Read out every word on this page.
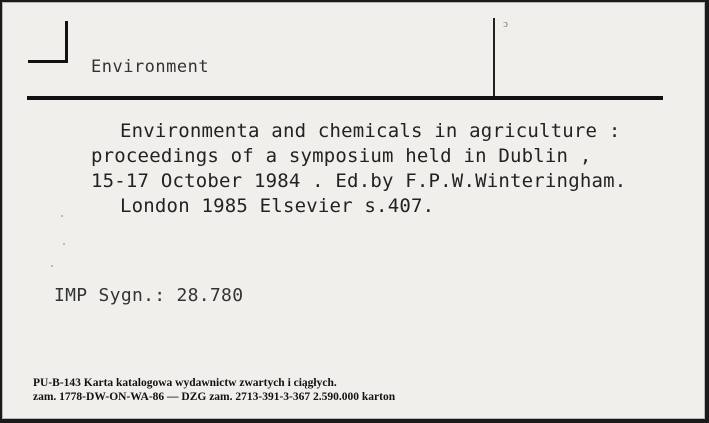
ↄ
Environment
Environmenta and chemicals in agriculture :
proceedings of a symposium held in Dublin ,
15-17 October 1984 . Ed.by F.P.W.Winteringham.
London 1985 Elsevier s.407.
IMP Sygn.: 28.780
PU-B-143 Karta katalogowa wydawnictw zwartych i ciągłych.
zam. 1778-DW-ON-WA-86 — DZG zam. 2713-391-3-367 2.590.000 karton
